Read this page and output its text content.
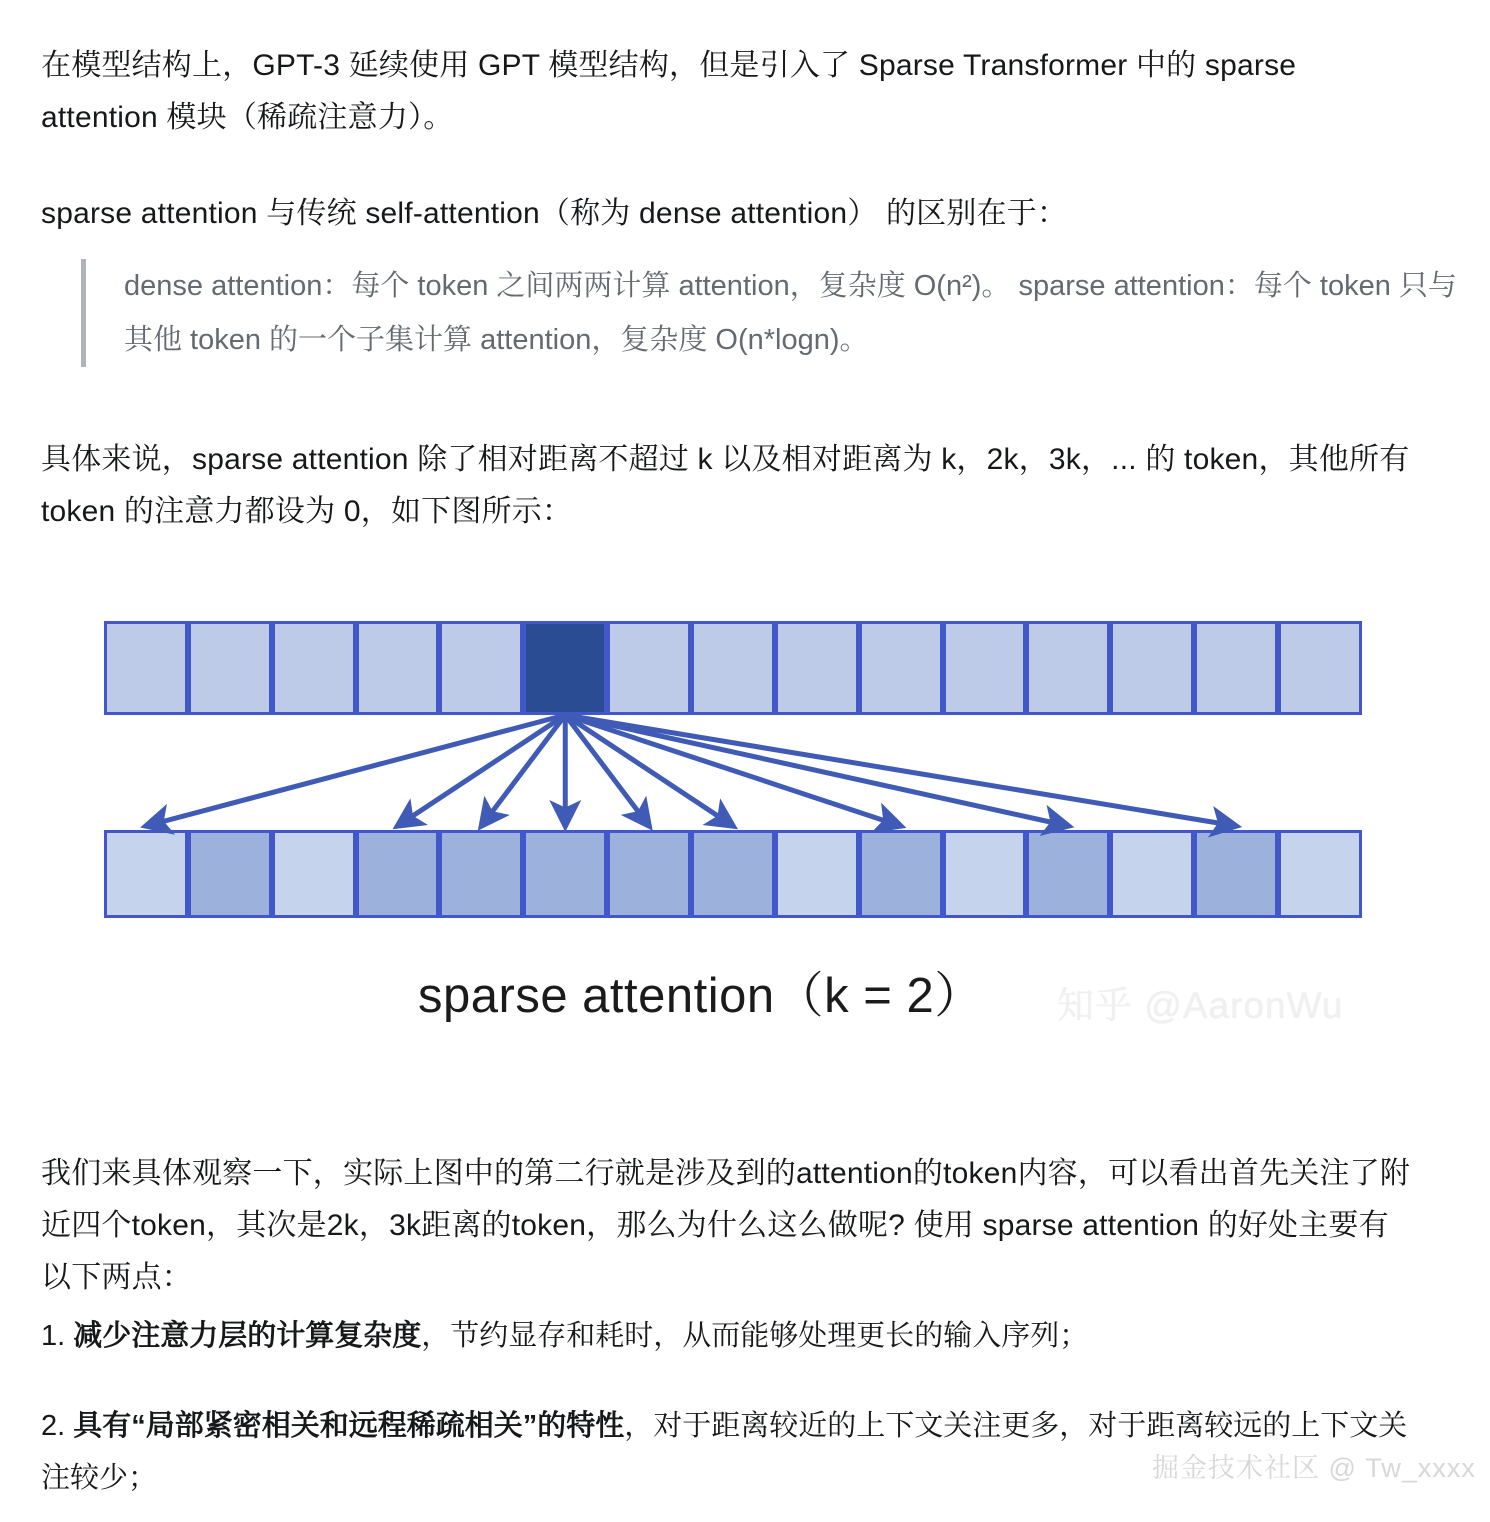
在模型结构上，GPT-3 延续使用 GPT 模型结构，但是引入了 Sparse Transformer 中的 sparse attention 模块（稀疏注意力）。

sparse attention 与传统 self-attention（称为 dense attention） 的区别在于：

dense attention：每个 token 之间两两计算 attention，复杂度 O(n²)。 sparse attention：每个 token 只与其他 token 的一个子集计算 attention，复杂度 O(n*logn)。

具体来说，sparse attention 除了相对距离不超过 k 以及相对距离为 k，2k，3k，... 的 token，其他所有 token 的注意力都设为 0，如下图所示：

sparse attention（k = 2） 知乎 @AaronWu

我们来具体观察一下，实际上图中的第二行就是涉及到的attention的token内容，可以看出首先关注了附近四个token，其次是2k，3k距离的token，那么为什么这么做呢? 使用 sparse attention 的好处主要有以下两点：

1. 减少注意力层的计算复杂度，节约显存和耗时，从而能够处理更长的输入序列；
2. 具有“局部紧密相关和远程稀疏相关”的特性，对于距离较近的上下文关注更多，对于距离较远的上下文关注较少；	掘金技术社区 @ Tw_xxxx
